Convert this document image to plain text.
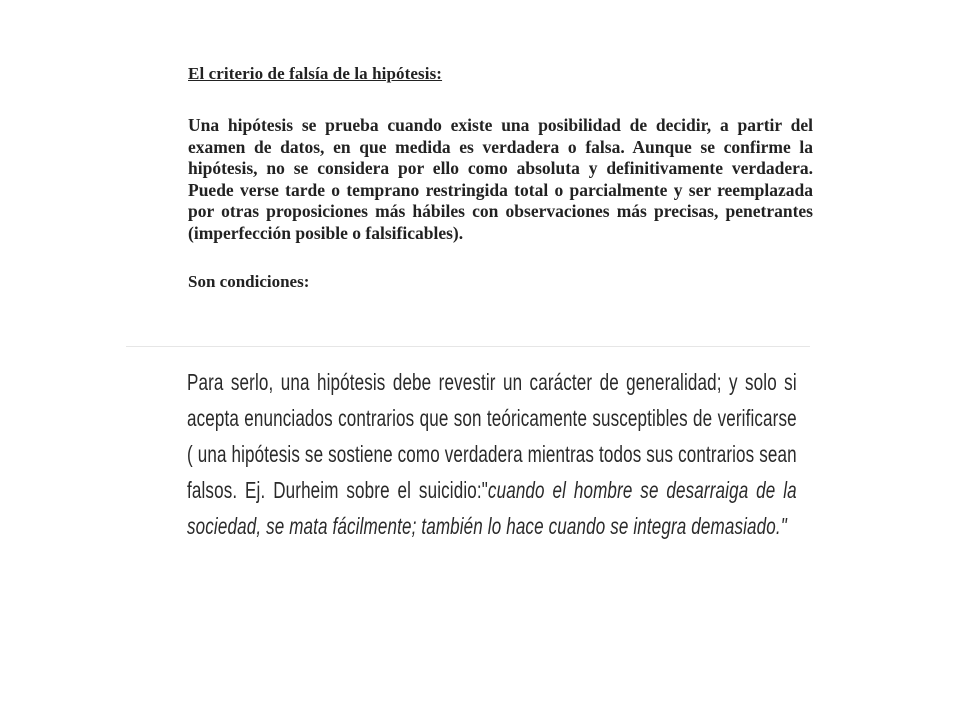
El criterio de falsía de la hipótesis:

Una hipótesis se prueba cuando existe una posibilidad de decidir, a partir del examen de datos, en que medida es verdadera o falsa. Aunque se confirme la hipótesis, no se considera por ello como absoluta y definitivamente verdadera. Puede verse tarde o temprano restringida total o parcialmente y ser reemplazada por otras proposiciones más hábiles con observaciones más precisas, penetrantes (imperfección posible o falsificables).

Son condiciones:

Para serlo, una hipótesis debe revestir un carácter de generalidad; y solo si acepta enunciados contrarios que son teóricamente susceptibles de verificarse ( una hipótesis se sostiene como verdadera mientras todos sus contrarios sean falsos. Ej. Durheim sobre el suicidio:"cuando el hombre se desarraiga de la sociedad, se mata fácilmente; también lo hace cuando se integra demasiado."
